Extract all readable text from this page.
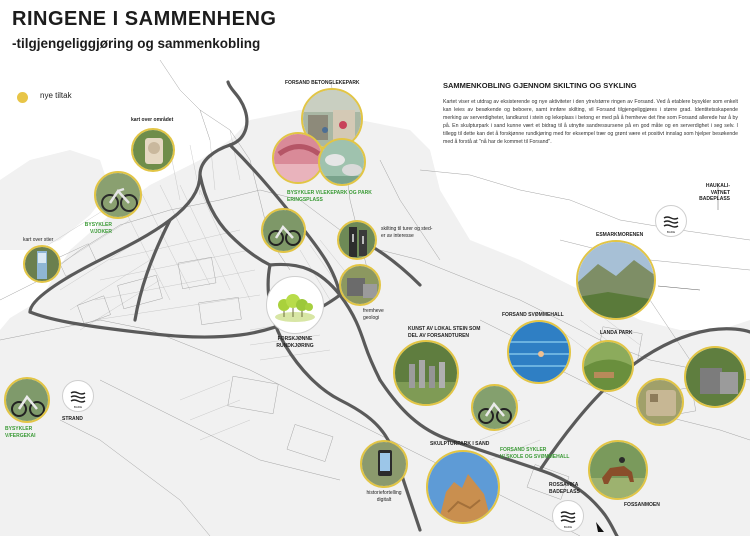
RINGENE I SAMMENHENG
-tilgjengeliggjøring og sammenkobling
nye tiltak
SAMMENKOBLING GJENNOM SKILTING OG SYKLING
Kartet viser et utdrag av eksisterende og nye aktiviteter i den ytre/større ringen av Forsand. Ved å etablere bysykler som enkelt kan leies av besøkende og beboere, samt innføre skilting, vil Forsand tilgjengeliggjøres i større grad. Identitetsskapende merking av serverdigheter, landkunst i stein og lekeplass i betong er med på å fremheve det fine som Forsand allerede har å by på. En skulpturpark i sand kunne vært et bidrag til å utnytte sandressursene på en god måte og en serverdighet i seg selv. I tillegg til dette kan det å forskjønne rundkjøring med for eksempel trær og grønt være et positivt innslag som hjelper besøkende med å forstå at "nå har de kommet til Forsand".
BADE
BADE
BADE
FORSAND BETONGLEKEPARK
kart over området
BYSYKLER
V/JOKER
BYSYKLER V/LEKEPARK OG PARK
ERINGSPLASS
skilting til turer og sted-
er av interesse
kart over stier
HAUKALI-
VATNET
BADEPLASS
ESMARKMORENEN
fremheve
geologi
KUNST AV LOKAL STEIN SOM
DEL AV FORSANDTUREN
FORSAND SVØMMEHALL
LANDA PARK
FORSKJØNNE
RUNDKJØRING
BYSYKLER
V/FERGEKAI
STRAND
SKULPTURPARK I SAND
FORSAND SYKLER
V/ SKOLE OG SVØMMEHALL
historiefortelling
digitalt
ROSSAVIKA
BADEPLASS
FOSSANMOEN
